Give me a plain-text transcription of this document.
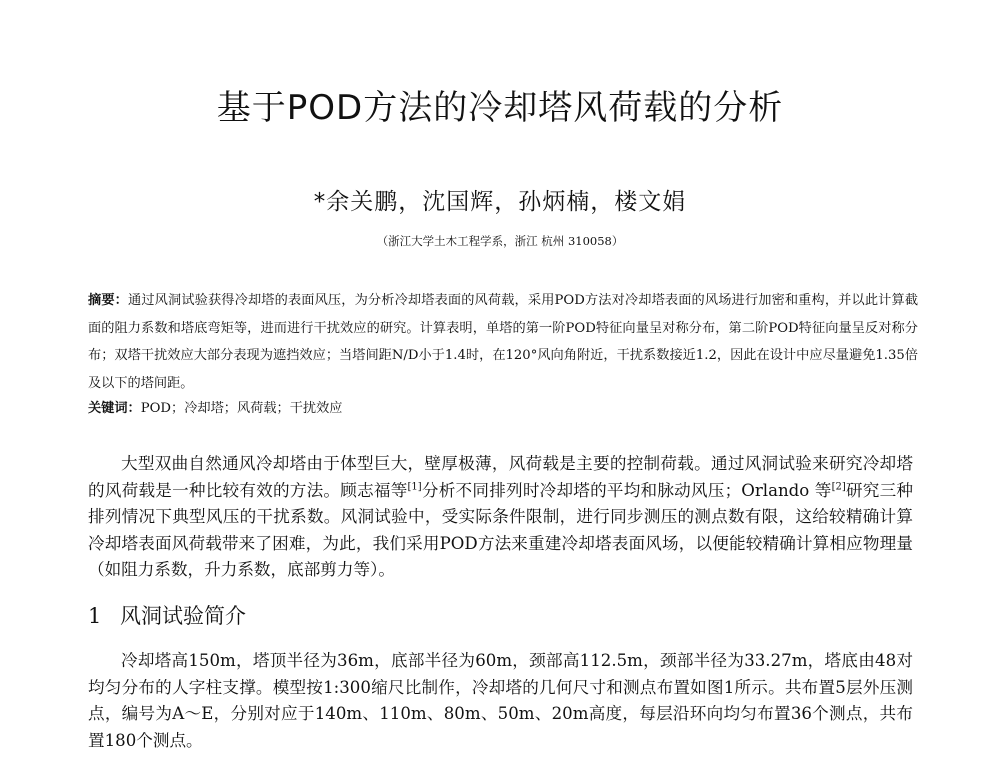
基于POD方法的冷却塔风荷载的分析
*余关鹏，沈国辉，孙炳楠，楼文娟
（浙江大学土木工程学系，浙江 杭州 310058）
摘要：通过风洞试验获得冷却塔的表面风压，为分析冷却塔表面的风荷载，采用POD方法对冷却塔表面的风场进行加密和重构，并以此计算截面的阻力系数和塔底弯矩等，进而进行干扰效应的研究。计算表明，单塔的第一阶POD特征向量呈对称分布，第二阶POD特征向量呈反对称分布；双塔干扰效应大部分表现为遮挡效应；当塔间距N/D小于1.4时，在120°风向角附近，干扰系数接近1.2，因此在设计中应尽量避免1.35倍及以下的塔间距。
关键词：POD；冷却塔；风荷载；干扰效应
大型双曲自然通风冷却塔由于体型巨大，壁厚极薄，风荷载是主要的控制荷载。通过风洞试验来研究冷却塔的风荷载是一种比较有效的方法。顾志福等[1]分析不同排列时冷却塔的平均和脉动风压；Orlando 等[2]研究三种排列情况下典型风压的干扰系数。风洞试验中，受实际条件限制，进行同步测压的测点数有限，这给较精确计算冷却塔表面风荷载带来了困难，为此，我们采用POD方法来重建冷却塔表面风场，以便能较精确计算相应物理量（如阻力系数，升力系数，底部剪力等）。
1 风洞试验简介
冷却塔高150m，塔顶半径为36m，底部半径为60m，颈部高112.5m，颈部半径为33.27m，塔底由48对均匀分布的人字柱支撑。模型按1:300缩尺比制作，冷却塔的几何尺寸和测点布置如图1所示。共布置5层外压测点，编号为A～E，分别对应于140m、110m、80m、50m、20m高度，每层沿环向均匀布置36个测点，共布置180个测点。
